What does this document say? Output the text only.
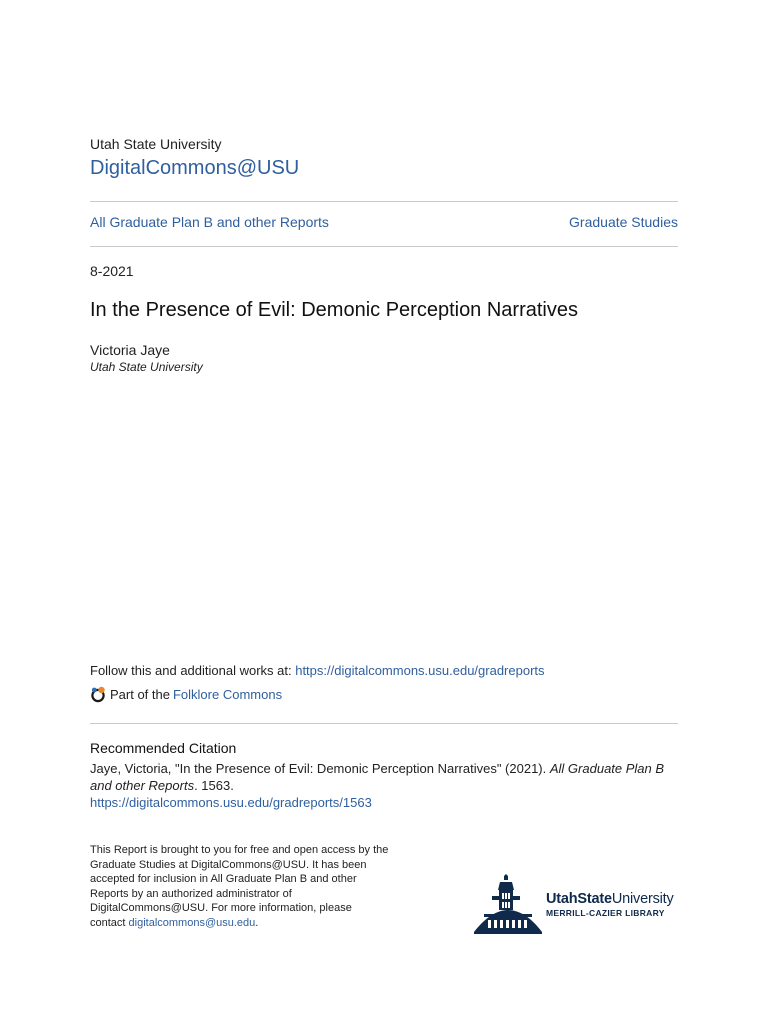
Utah State University
DigitalCommons@USU
All Graduate Plan B and other Reports	Graduate Studies
8-2021
In the Presence of Evil: Demonic Perception Narratives
Victoria Jaye
Utah State University
Follow this and additional works at: https://digitalcommons.usu.edu/gradreports
Part of the Folklore Commons
Recommended Citation
Jaye, Victoria, "In the Presence of Evil: Demonic Perception Narratives" (2021). All Graduate Plan B and other Reports. 1563.
https://digitalcommons.usu.edu/gradreports/1563
This Report is brought to you for free and open access by the Graduate Studies at DigitalCommons@USU. It has been accepted for inclusion in All Graduate Plan B and other Reports by an authorized administrator of DigitalCommons@USU. For more information, please contact digitalcommons@usu.edu.
UtahStateUniversity
MERRILL-CAZIER LIBRARY
